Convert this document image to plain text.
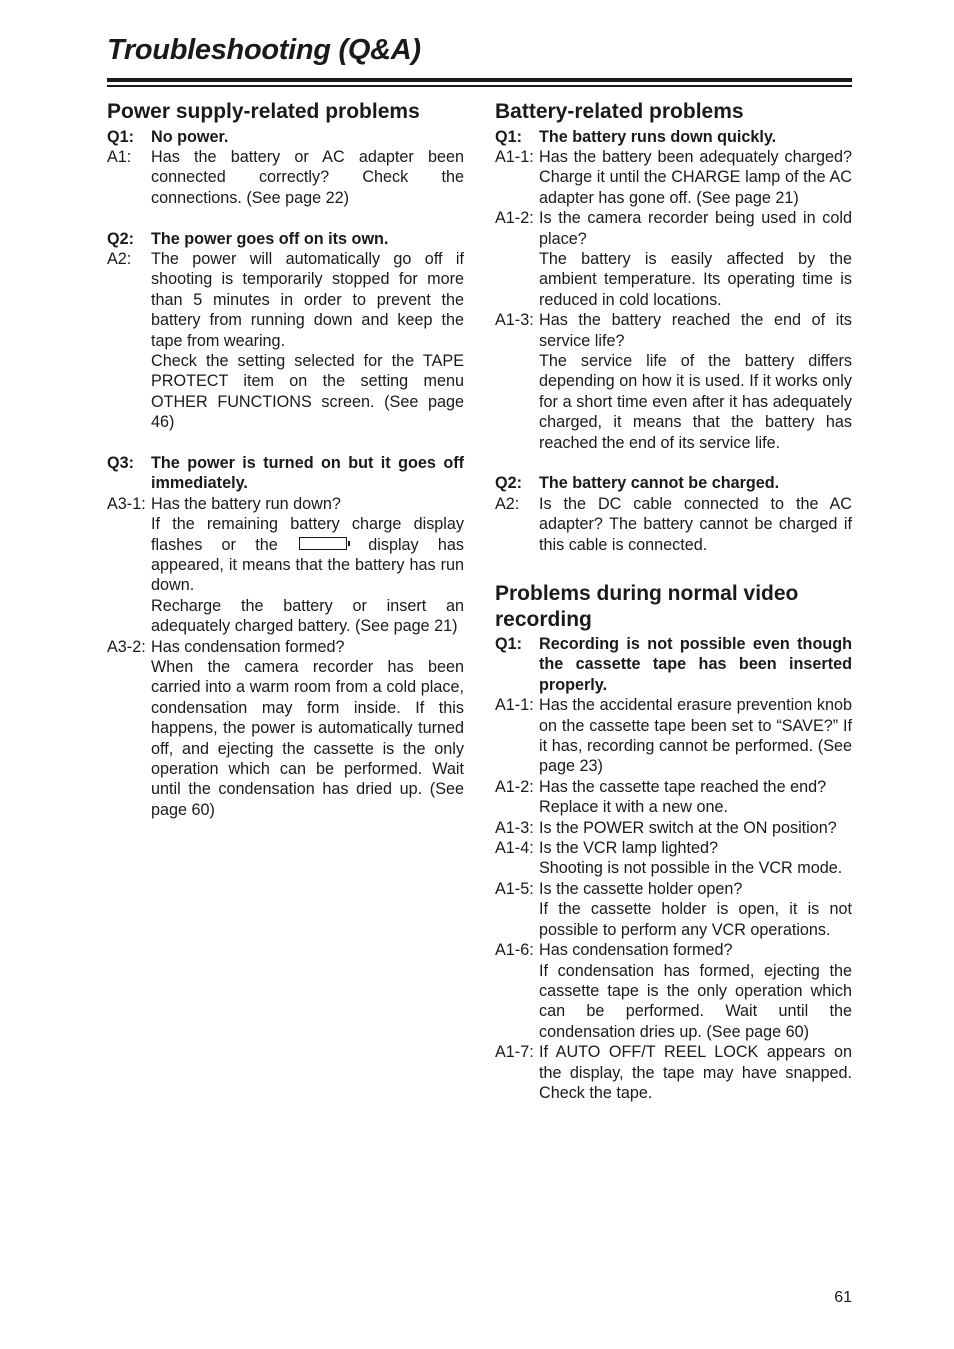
Troubleshooting (Q&A)
Power supply-related problems
Q1:	No power.
A1:	Has the battery or AC adapter been connected correctly? Check the connections. (See page 22)
Q2:	The power goes off on its own.
A2:	The power will automatically go off if shooting is temporarily stopped for more than 5 minutes in order to prevent the battery from running down and keep the tape from wearing.
Check the setting selected for the TAPE PROTECT item on the setting menu OTHER FUNCTIONS screen. (See page 46)
Q3:	The power is turned on but it goes off immediately.
A3-1: Has the battery run down?
If the remaining battery charge display flashes or the	display has appeared, it means that the battery has run down.
Recharge the battery or insert an adequately charged battery. (See page 21)
A3-2: Has condensation formed?
When the camera recorder has been carried into a warm room from a cold place, condensation may form inside. If this happens, the power is automatically turned off, and ejecting the cassette is the only operation which can be performed. Wait until the condensation has dried up. (See page 60)
Battery-related problems
Q1:	The battery runs down quickly.
A1-1: Has the battery been adequately charged? Charge it until the CHARGE lamp of the AC adapter has gone off. (See page 21)
A1-2: Is the camera recorder being used in cold place?
The battery is easily affected by the ambient temperature. Its operating time is reduced in cold locations.
A1-3: Has the battery reached the end of its service life?
The service life of the battery differs depending on how it is used. If it works only for a short time even after it has adequately charged, it means that the battery has reached the end of its service life.
Q2:	The battery cannot be charged.
A2:	Is the DC cable connected to the AC adapter? The battery cannot be charged if this cable is connected.
Problems during normal video recording
Q1:	Recording is not possible even though the cassette tape has been inserted properly.
A1-1: Has the accidental erasure prevention knob on the cassette tape been set to “SAVE?” If it has, recording cannot be performed. (See page 23)
A1-2: Has the cassette tape reached the end?
Replace it with a new one.
A1-3: Is the POWER switch at the ON position?
A1-4: Is the VCR lamp lighted?
Shooting is not possible in the VCR mode.
A1-5: Is the cassette holder open?
If the cassette holder is open, it is not possible to perform any VCR operations.
A1-6: Has condensation formed?
If condensation has formed, ejecting the cassette tape is the only operation which can be performed. Wait until the condensation dries up. (See page 60)
A1-7: If AUTO OFF/T REEL LOCK appears on the display, the tape may have snapped. Check the tape.
61
